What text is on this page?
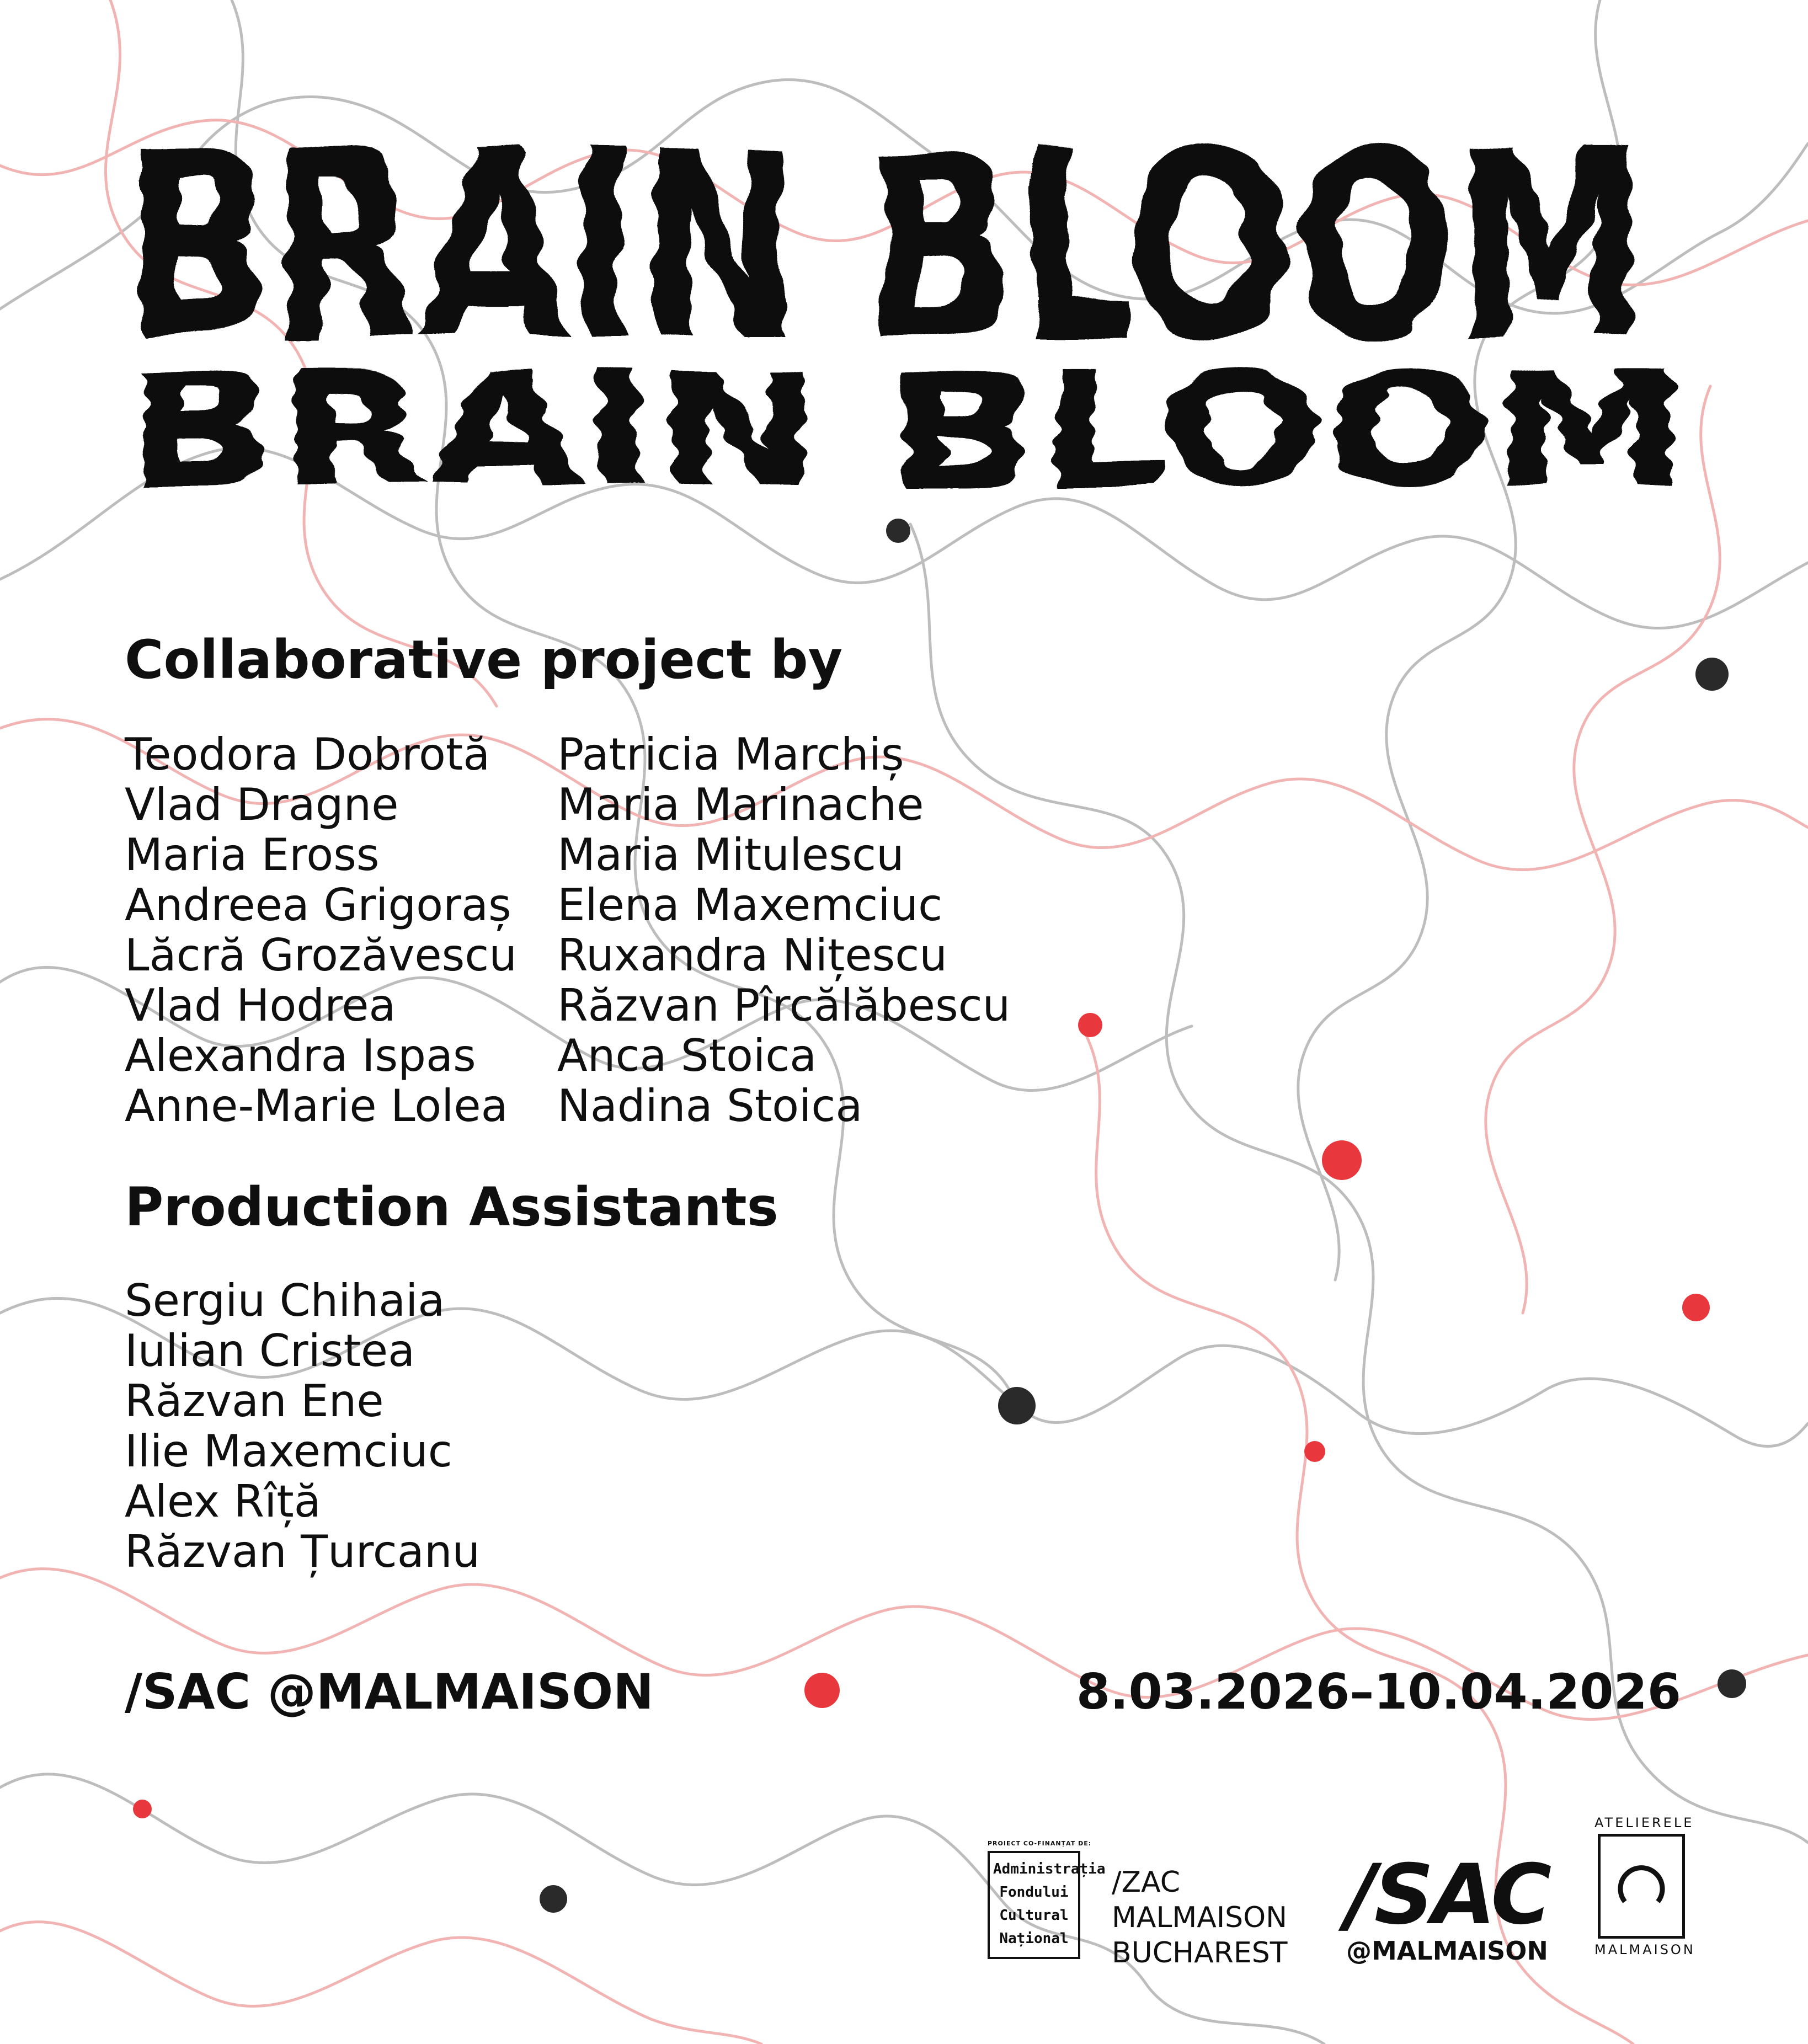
BRAIN BLOOM
BRAIN BLOOM
Collaborative project by
Teodora Dobrotă
Vlad Dragne
Maria Eross
Andreea Grigoraș
Lăcră Grozăvescu
Vlad Hodrea
Alexandra Ispas
Anne-Marie Lolea
Patricia Marchiș
Maria Marinache
Maria Mitulescu
Elena Maxemciuc
Ruxandra Nițescu
Răzvan Pîrcălăbescu
Anca Stoica
Nadina Stoica
Production Assistants
Sergiu Chihaia
Iulian Cristea
Răzvan Ene
Ilie Maxemciuc
Alex Rîță
Răzvan Țurcanu

/SAC @MALMAISON	8.03.2026–10.04.2026

PROIECT CO-FINANȚAT DE:
Administrația
Fondului
Cultural
Național
/ZAC
MALMAISON
BUCHAREST
/SAC
@MALMAISON
ATELIERELE
MALMAISON
